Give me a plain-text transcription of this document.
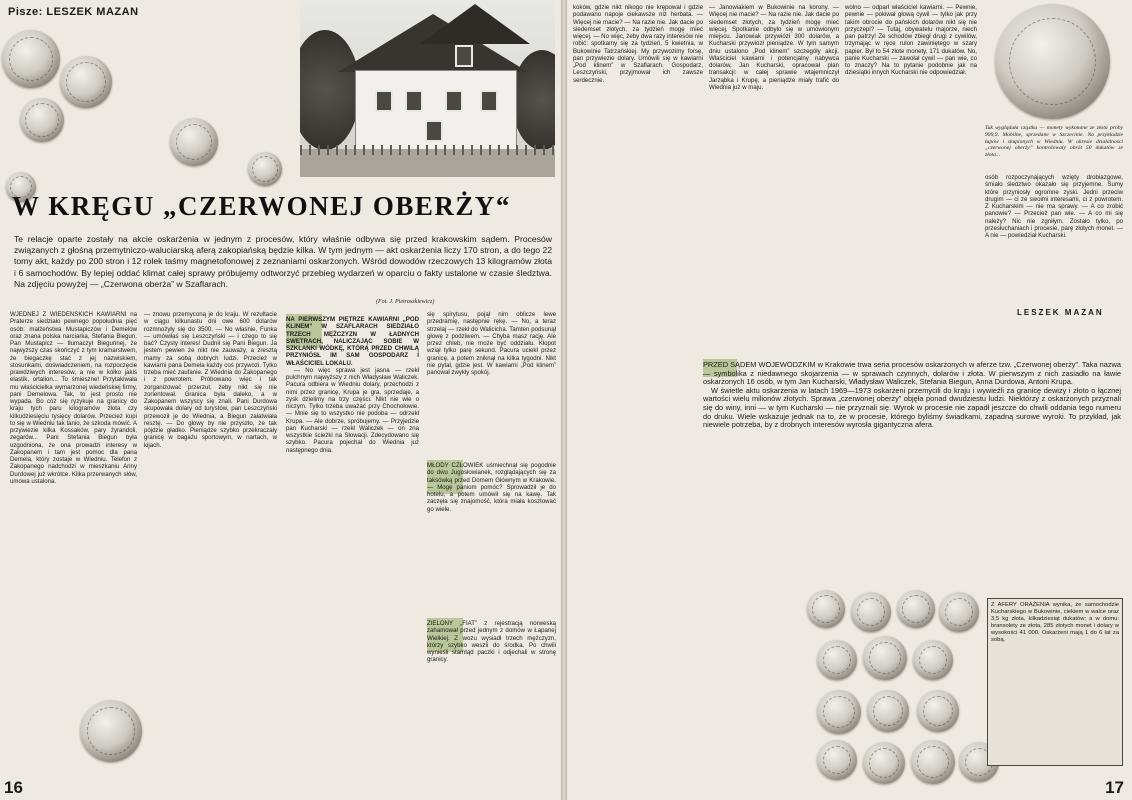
Pisze: LESZEK MAZAN
W KRĘGU „CZERWONEJ OBERŻY“
Te relacje oparte zostały na akcie oskarżenia w jednym z procesów, który właśnie odbywa się przed krakowskim sądem. Procesów związanych z głośną przemytniczo-waluciarską aferą zakopiańską będzie kilka. W tym jednym — akt oskarżenia liczy 170 stron, a do tego 22 tomy akt, każdy po 200 stron i 12 rolek taśmy magnetofonowej z zeznaniami oskarżonych. Wśród dowodów rzeczowych 13 kilogramów złota i 6 samochodów. By lepiej oddać klimat całej sprawy próbujemy odtworzyć przebieg wydarzeń w oparciu o fakty ustalone w czasie śledztwa. Na zdjęciu powyżej — „Czerwona oberża” w Szaflarach.
(Fot. J. Pietraszkiewicz)

WJEDNEJ Z WIEDEŃSKICH KAWIARNI na Praterze siedziało pewnego popołudnia pięć osób: małżeństwa Mustapiczów i Demelów oraz znana polska narciarka, Stefania Biegun. Pan Mustapicz — tłumaczył Bieguńnej, że najwyższy czas skończyć z tym kramarstwem, że biegaczkę stać z jej nazwiskiem, stosunkami, doświadczeniem, na rozpoczęcie prawdziwych interesów, a nie w kółko jakiś elastik, ortalion... To śmieszne! Przytakiwała mu właścicielka wymarzonej wiedeńskiej firmy, pani Demelowa. Tak, to jest prosto nie wypada. Bo cóż się ryzykuje na granicy do kraju tych paru kilogramów złota czy kilkudziesięciu tysięcy dolarów. Przecież kupi to się w Wiedniu tak tanio, że szkoda mówić. A przywiezie kilka Kossaków, pary żyrandoli, zegarów... Pani Stefania Biegun była uzgodniona, że ona prowadzi interesy w Zakopanem i tam jest pomoc dla pana Demela, który zostaje w Wiedniu. Telefon z Zakopanego nadchodzi w mieszkaniu Anny Durdowej już wkrótce. Kilka przerwanych słów, umowa ustalona.

— znowu przemyconą je do kraju. W rezultacie w ciągu kilkunastu dni owe 600 dolarów rozmnożyły się do 3500. — No właśnie, Funka — umówiłaś się Leszczyński — i czego to się bać? Czysty interes! Dudnił się Pani Biegun. Ja jestem pewien że nikt nie zauważy, a zresztą mamy za sobą dobrych ludzi. Przecież w kawiarni pana Demela każdy coś przywozi. Tylko trzeba mieć zaufanie. Z Wiednia do Zakopanego i z powrotem. Próbowano więc i tak zorganizować przerzut, żeby nikt się nie zorientował. Granica była daleko, a w Zakopanem wszyscy się znali. Pani Durdowa skupowała dolary od turystów, pan Leszczyński przewoził je do Wiednia, a Biegun załatwiała resztę. — Do głowy by nie przyszło, że tak pójdzie gładko. Pieniądze szybko przekraczały granicę w bagażu sportowym, w nartach, w kijach.

NA PIERWSZYM PIĘTRZE KAWIARNI „POD KLINEM” W SZAFLARACH SIEDZIAŁO TRZECH MĘŻCZYZN W ŁADNYCH SWETRACH, NALICZAJĄC SOBIE W SZKLANKI WÓDKĘ, KTÓRĄ PRZED CHWILĄ PRZYNIÓSŁ IM SAM GOSPODARZ I WŁAŚCICIEL LOKALU.

— No więc sprawa jest jasna — rzekł pulchnym najwyższy z nich Władysław Waliczek. Pacura odbiera w Wiedniu dolary, przechodzi z nimi przez granicę, Krupa je gra, sprzedaje, a zysk dzielimy na trzy części. Nikt nie wie o niczym. Tylko trzeba uważać przy Chochołowie. — Mnie się to wszystko nie podoba — odrzekł Krupa. — Ale dobrze, spróbujemy. — Przyjedzie pan Kucharski — rzekł Waliczek — on zna wszystkie ścieżki na Słowacji. Zdecydowano się szybko. Pacura pojechał do Wiednia już następnego dnia.

się spirytusu, pojął nim oblicze lewe przedramię, następnie rękę. — No, a teraz strzelaj — rzekł do Walicicha. Tamten podsunął głowę z podziwem. — Chyba masz rację. Ale przez chleb, nie może być oddziału. Kłopot wziął tylko parę sekund. Pacura uciekł przez granicę, a potem zniknął na kilka tygodni. Nikt nie pytał, gdzie jest. W kawiarni „Pod klinem” panował zwykły spokój.

MŁODY CZŁOWIEK uśmiechnął się pogodnie do dwu Jugosłowianek, rozglądających się za taksówką przed Domem Głównym w Krakowie. — Mogę paniom pomóc? Sprowadził je do hotelu, a potem umówił się na kawę. Tak zaczęła się znajomość, która miała kosztować go wiele.

ZIELONY „FIAT” z rejestracją norweską zahamował przed jednym z domów w Łapanej Wielkiej. Z wozu wysiadł trzech mężczyzn, którzy szybko weszli do środka. Po chwili wynieśli stamtąd paczki i odjechali w stronę granicy.

16

koków, gdzie nikt nikogo nie krępował i gdzie podawano napoje ciekawsze niż herbata. — Więcej nie macie? — Na razie nie. Jak dacie po siedemset złotych, za tydzień mogę mieć więcej. — No więc, żeby dwa razy interesów nie robić: spotkamy się za tydzień, 5 kwietnia, w Bukowinie Tatrzańskiej. My przywozimy forsę, pan przywiezie dolary. Umówili się w kawiarni „Pod klinem” w Szaflarach. Gospodarz, Leszczyński, przyjmował ich zawsze serdecznie.

— Janowiakiem w Bukowinie na korony. — Więcej nie macie? — Na razie nie. Jak dacie po siedemset złotych, za tydzień mogę mieć więcej. Spotkanie odbyło się w umówionym miejscu. Janowiak przywiózł 300 dolarów, a Kucharski przywiózł pieniądze. W tym samym dniu ustalono „Pod klinem” szczegóły akcji. Właściciel kawiarni i potencjalny nabywca dolarów, Jan Kucharski, opracował plan transakcji: w całej sprawie wtajemniczył Jarząbka i Krupę, a pieniądze miały trafić do Wiednia już w maju.

wolno — odparł właściciel kawiarni. — Pewnie, pewnie — pokiwał głową cywil — tylko jak przy takim obrocie do pańskich dolarów nikt się nie przyczepi? — Tutaj, obywatelu majorze, niech pan patrzy! Ze schodów zbiegł drugi z cywilów, trzymając w ręce rulon zawiniętego w szary papier. Był to 54 złote monety, 171 dukatów. No, panie Kucharski — zawołał cywil — pan wie, co to znaczy? Na to pytanie podobnie jak na dziesiątki innych Kucharski nie odpowiedział.

Tak wyglądała cząstka — monety wykonane ze złota próby 999,9. Mobilne, sprzedane w Szczecinie. Na przykładzie łupów i skupionych w Wiedniu. W okresie działalności „czerwonej oberży” kontrolowały obrót 50 dukatów ze złota...

osób rozpoczynających wzięty drobiazgowe, śmiało śledztwo okazało się przyjemne. Sumy które przyniosły ogromne zyski. Jedni przeciw drugim — ci ze swoimi interesami, ci z powrotem. Z Kucharskim — nie ma sprawy. — A co zrobić panowie? — Przecież pan wie. — A co mi się należy? Nic nie zgniłym. Zostało tylko, po przesłuchaniach i procesie, parę złotych monet. — A nie — powiedział Kucharski.

LESZEK MAZAN

PRZED SĄDEM WOJEWÓDZKIM w Krakowie trwa seria procesów oskarżonych w aferze tzw. „Czerwonej oberży”. Taka nazwa — symbolika z niedawnego skojarzenia — w sprawach czynnych, dolarów i złota. W pierwszym z nich zasiadło na ławie oskarżonych 16 osób, w tym Jan Kucharski, Władysław Waliczek, Stefania Biegun, Anna Durdowa, Antoni Krupa.

W świetle aktu oskarżenia w latach 1969—1973 oskarżeni przemycili do kraju i wywieźli za granicę dewizy i złoto o łącznej wartości wielu milionów złotych. Sprawa „czerwonej oberży” objęła ponad dwudziestu ludzi. Niektórzy z oskarżonych przyznali się do winy, inni — w tym Kucharski — nie przyznali się. Wyrok w procesie nie zapadł jeszcze do chwili oddania tego numeru do druku. Wiele wskazuje jednak na to, że w procesie, którego byliśmy świadkami, zapadną surowe wyroki. To przykład, jak niewiele potrzeba, by z drobnych interesów wyrosła gigantyczna afera.

Z AFERY ORAŻENIA wynika, że samochodzie Kucharskiego w Bukowinie, ciekiem w walce oraz 3,5 kg złota, kilkadziesiąt dukatów; a w domu: bransolety ze złota, 285 złotych monet i dolary w wysokości 41 000. Oskarżeni mają 1 do 6 lat za sobą.
17
